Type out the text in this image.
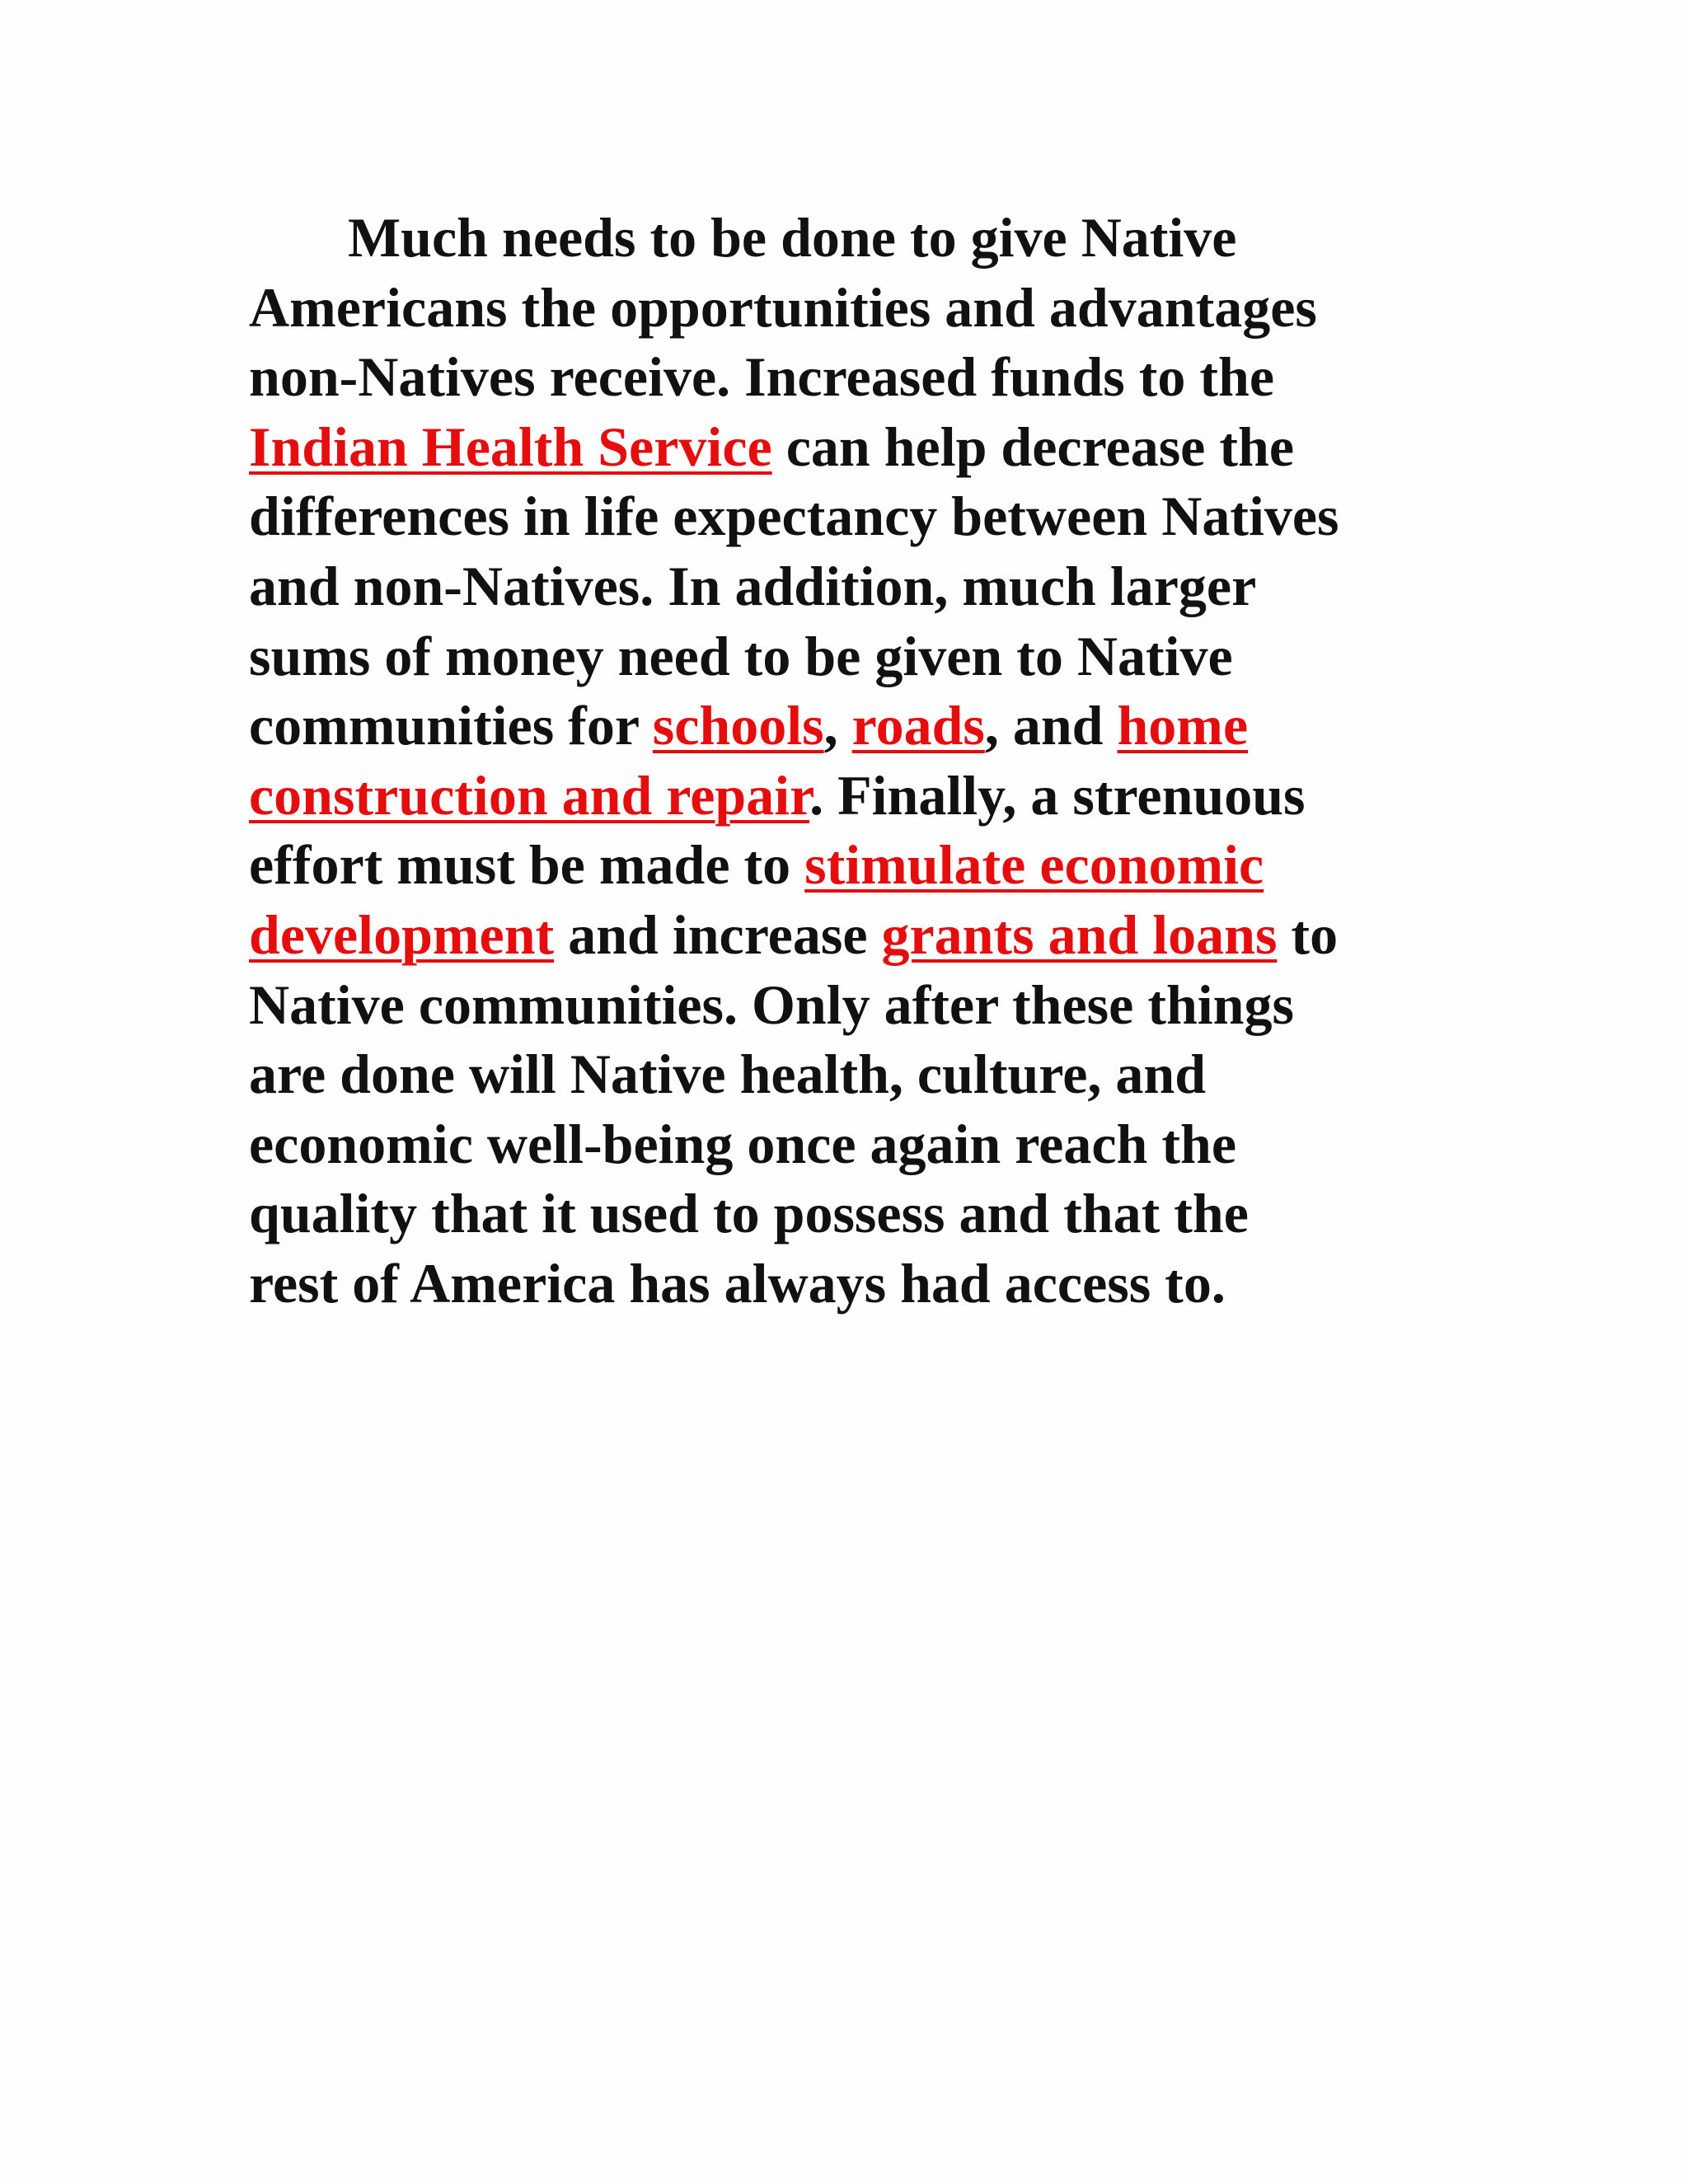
Much needs to be done to give Native
Americans the opportunities and advantages
non-Natives receive. Increased funds to the
Indian Health Service can help decrease the
differences in life expectancy between Natives
and non-Natives. In addition, much larger
sums of money need to be given to Native
communities for schools, roads, and home
construction and repair. Finally, a strenuous
effort must be made to stimulate economic
development and increase grants and loans to
Native communities. Only after these things
are done will Native health, culture, and
economic well-being once again reach the
quality that it used to possess and that the
rest of America has always had access to.
